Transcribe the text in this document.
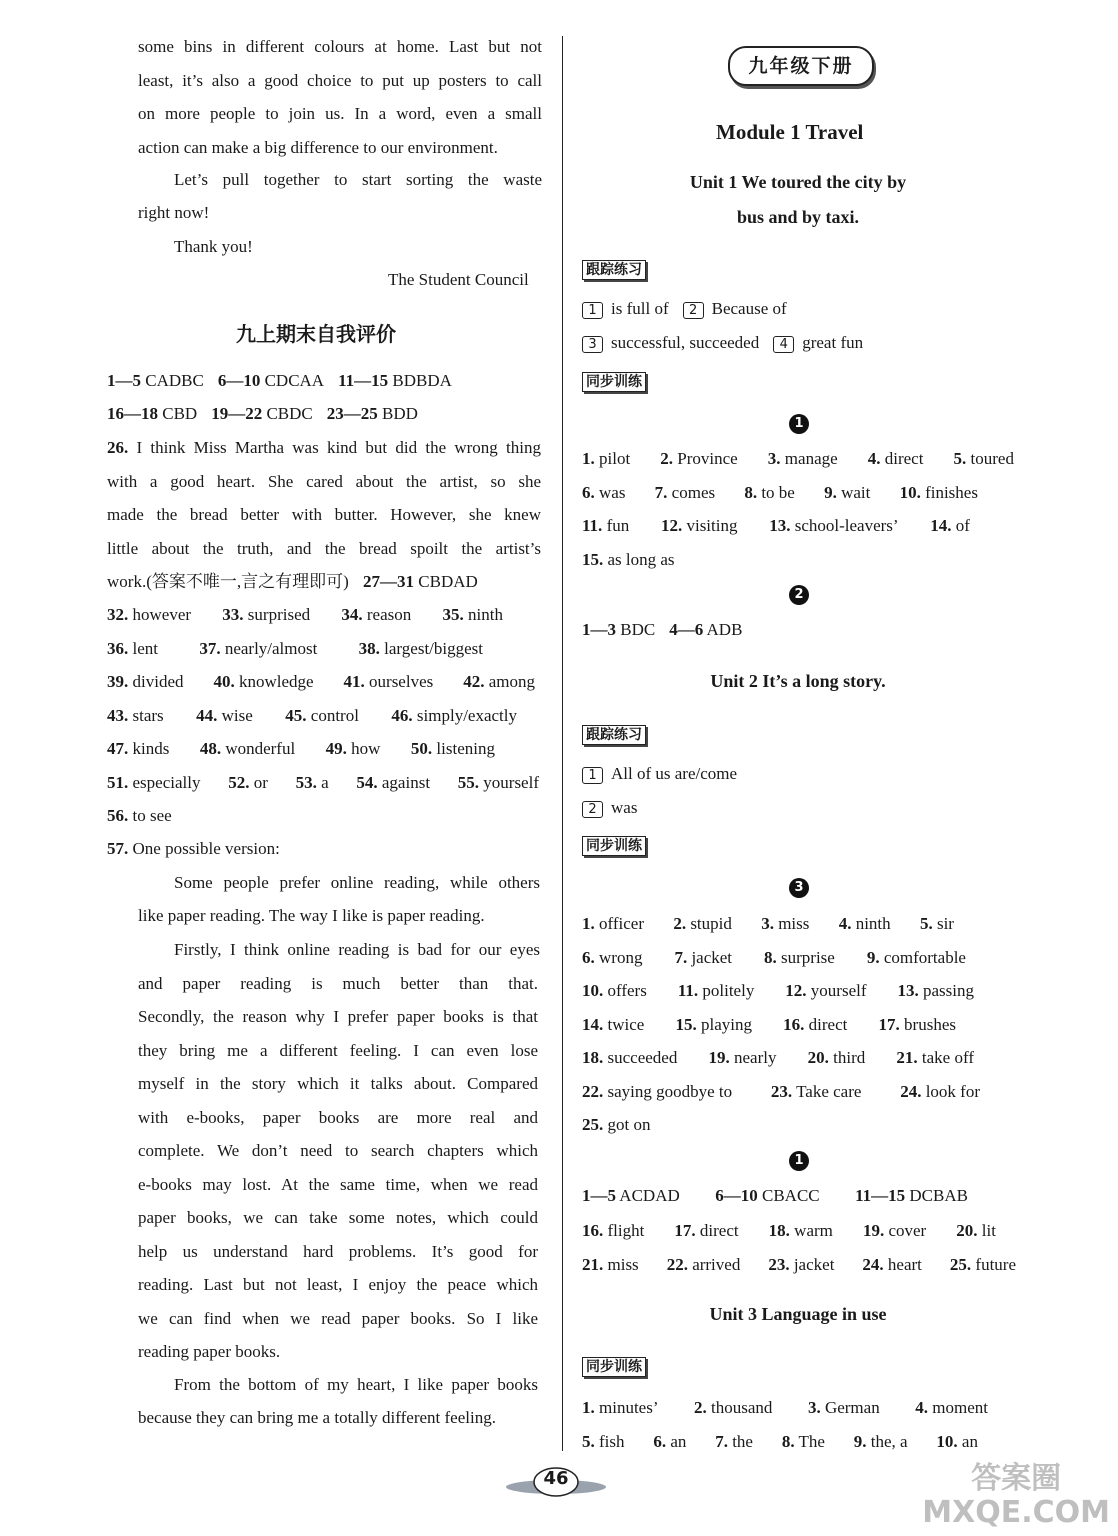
some bins in different colours at home. Last but not
least, it’s also a good choice to put up posters to call
on more people to join us. In a word, even a small
action can make a big difference to our environment.
Let’s pull together to start sorting the waste
right now!
Thank you!
The Student Council
九上期末自我评价
1—5 CADBC 6—10 CDCAA 11—15 BDBDA
16—18 CBD 19—22 CBDC 23—25 BDD
26. I think Miss Martha was kind but did the wrong thing
with a good heart. She cared about the artist, so she
made the bread better with butter. However, she knew
little about the truth, and the bread spoilt the artist’s
work.(答案不唯一,言之有理即可) 27—31 CBDAD
32. however 33. surprised 34. reason 35. ninth
36. lent 37. nearly/almost 38. largest/biggest
39. divided 40. knowledge 41. ourselves 42. among
43. stars 44. wise 45. control 46. simply/exactly
47. kinds 48. wonderful 49. how 50. listening
51. especially 52. or 53. a 54. against 55. yourself
56. to see
57. One possible version:
Some people prefer online reading, while others
like paper reading. The way I like is paper reading.
Firstly, I think online reading is bad for our eyes
and paper reading is much better than that.
Secondly, the reason why I prefer paper books is that
they bring me a different feeling. I can even lose
myself in the story which it talks about. Compared
with e-books, paper books are more real and
complete. We don’t need to search chapters which
e-books may lost. At the same time, when we read
paper books, we can take some notes, which could
help us understand hard problems. It’s good for
reading. Last but not least, I enjoy the peace which
we can find when we read paper books. So I like
reading paper books.
From the bottom of my heart, I like paper books
because they can bring me a totally different feeling.
九年级下册
Module 1 Travel
Unit 1 We toured the city by
bus and by taxi.
跟踪练习
1 is full of 2 Because of
3 successful, succeeded 4 great fun
同步训练
1
1. pilot 2. Province 3. manage 4. direct 5. toured
6. was 7. comes 8. to be 9. wait 10. finishes
11. fun 12. visiting 13. school-leavers’ 14. of
15. as long as
2
1—3 BDC 4—6 ADB
跟踪练习
1 All of us are/come
2 was
同步训练
3
1. officer 2. stupid 3. miss 4. ninth 5. sir
6. wrong 7. jacket 8. surprise 9. comfortable
10. offers 11. politely 12. yourself 13. passing
14. twice 15. playing 16. direct 17. brushes
18. succeeded 19. nearly 20. third 21. take off
22. saying goodbye to 23. Take care 24. look for
25. got on
1
1—5 ACDAD 6—10 CBACC 11—15 DCBAB
16. flight 17. direct 18. warm 19. cover 20. lit
21. miss 22. arrived 23. jacket 24. heart 25. future
同步训练
1. minutes’ 2. thousand 3. German 4. moment
5. fish 6. an 7. the 8. The 9. the, a 10. an
Unit 2 It’s a long story.
Unit 3 Language in use
46	答案圈
MXQE.COM
